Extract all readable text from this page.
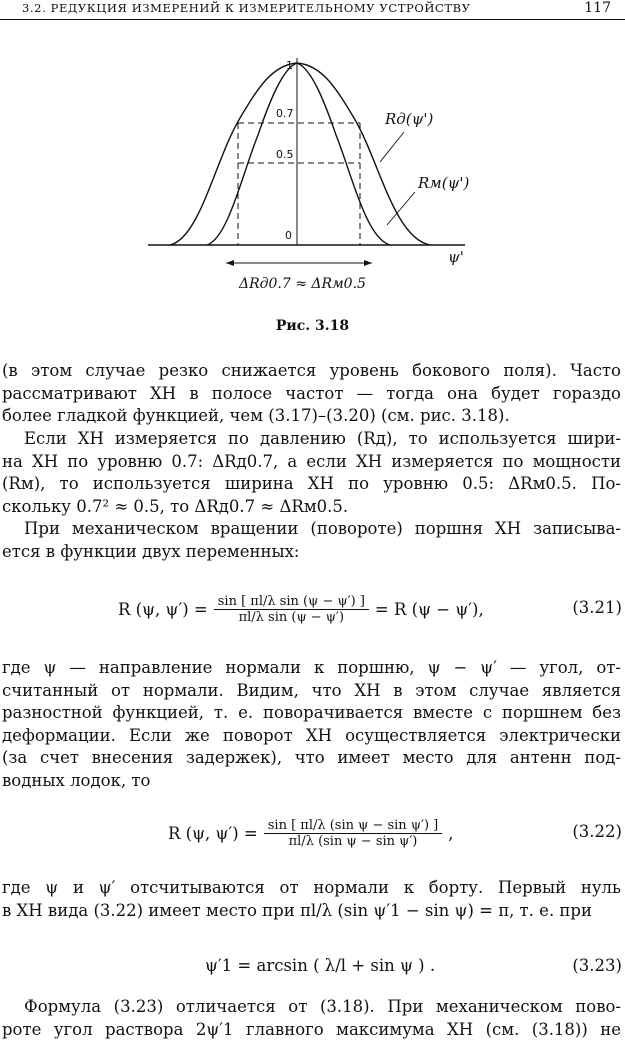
3.2. РЕДУКЦИЯ ИЗМЕРЕНИЙ К ИЗМЕРИТЕЛЬНОМУ УСТРОЙСТВУ	117
1
0.7
0.5
0
ψ'
Rд(ψ')
Rм(ψ')
ΔRд0.7 ≈ ΔRм0.5
Рис. 3.18
(в этом случае резко снижается уровень бокового поля). Часто
рассматривают ХН в полосе частот — тогда она будет гораздо
более гладкой функцией, чем (3.17)–(3.20) (см. рис. 3.18).
Если ХН измеряется по давлению (Rд), то используется шири-
на ХН по уровню 0.7: ΔRд0.7, а если ХН измеряется по мощности
(Rм), то используется ширина ХН по уровню 0.5: ΔRм0.5. По-
скольку 0.7² ≈ 0.5, то ΔRд0.7 ≈ ΔRм0.5.
При механическом вращении (повороте) поршня ХН записыва-
ется в функции двух переменных:
R (ψ, $\psi') = \frac{\text{sin [ πl/λ sin (ψ − ψ′) ]}}{\text{πl/λ sin (ψ − ψ′)}} = R$ (ψ − ψ′),	(3.21)
где ψ — направление нормали к поршню, ψ − ψ′ — угол, от-
считанный от нормали. Видим, что ХН в этом случае является
разностной функцией, т. е. поворачивается вместе с поршнем без
деформации. Если же поворот ХН осуществляется электрически
(за счет внесения задержек), что имеет место для антенн под-
водных лодок, то
R (ψ, $\psi') = \frac{\text{sin [ πl/λ (sin ψ − sin ψ′) ]}}{\text{πl/λ (sin ψ − sin ψ′)}}$ ,	(3.22)
где ψ и ψ′ отсчитываются от нормали к борту. Первый нуль
в ХН вида (3.22) имеет место при πl/λ (sin ψ′1 − sin ψ) = π, т. е. при
ψ′1 = arcsin ( λ/l + sin ψ ) .	(3.23)
Формула (3.23) отличается от (3.18). При механическом пово-
роте угол раствора 2ψ′1 главного максимума ХН (см. (3.18)) не
